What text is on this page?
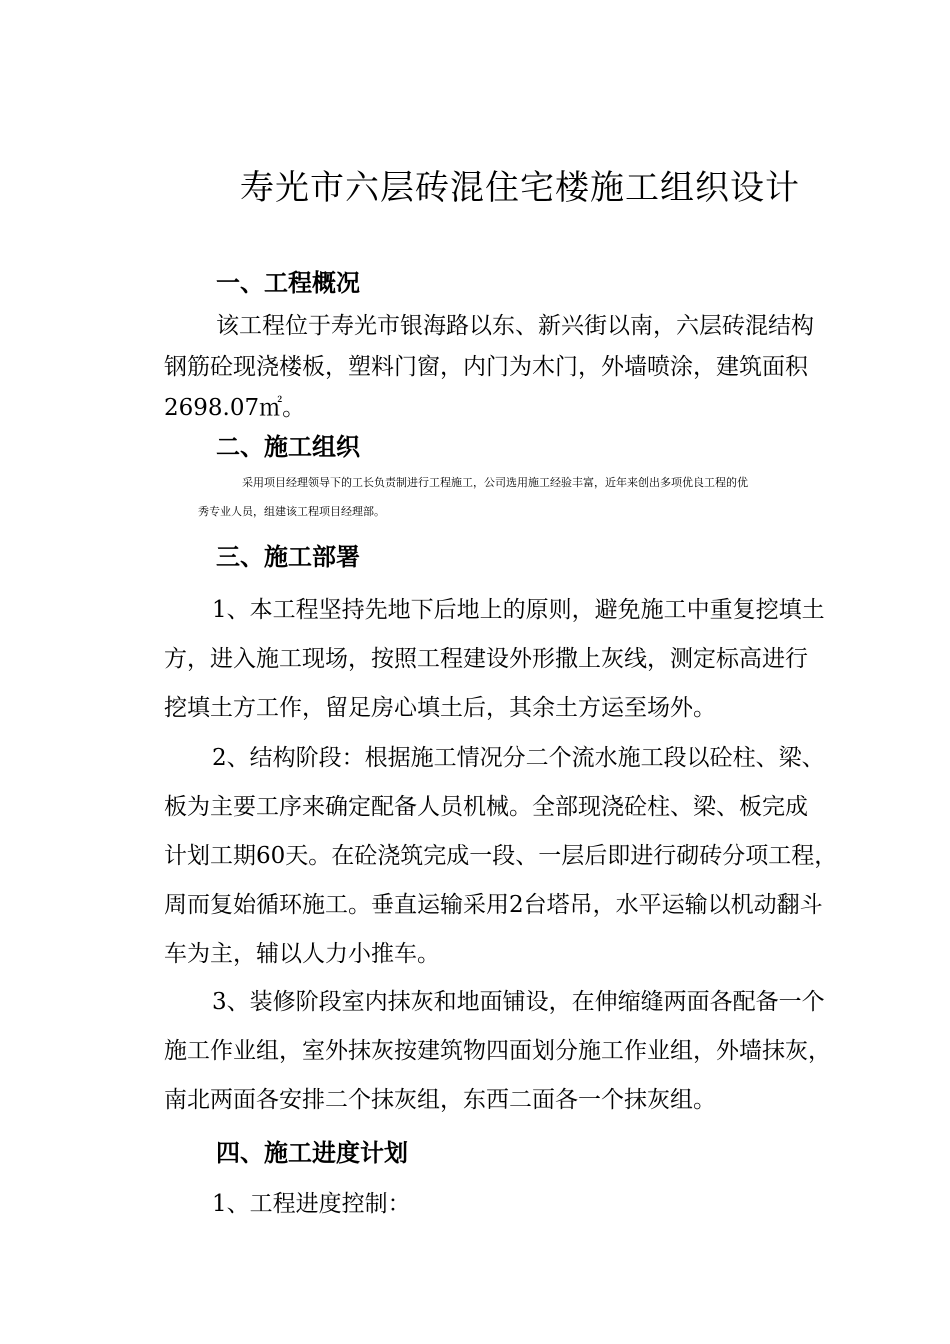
寿光市六层砖混住宅楼施工组织设计
一、工程概况
该工程位于寿光市银海路以东、新兴街以南，六层砖混结构
钢筋砼现浇楼板，塑料门窗，内门为木门，外墙喷涂，建筑面积
2698.07㎡。
二、施工组织
采用项目经理领导下的工长负责制进行工程施工，公司选用施工经验丰富，近年来创出多项优良工程的优
秀专业人员，组建该工程项目经理部。
三、施工部署
1、本工程坚持先地下后地上的原则，避免施工中重复挖填土
方，进入施工现场，按照工程建设外形撒上灰线，测定标高进行
挖填土方工作，留足房心填土后，其余土方运至场外。
2、结构阶段：根据施工情况分二个流水施工段以砼柱、梁、
板为主要工序来确定配备人员机械。全部现浇砼柱、梁、板完成
计划工期60天。在砼浇筑完成一段、一层后即进行砌砖分项工程，
周而复始循环施工。垂直运输采用2台塔吊，水平运输以机动翻斗
车为主，辅以人力小推车。
3、装修阶段室内抹灰和地面铺设，在伸缩缝两面各配备一个
施工作业组，室外抹灰按建筑物四面划分施工作业组，外墙抹灰，
南北两面各安排二个抹灰组，东西二面各一个抹灰组。
四、施工进度计划
1、工程进度控制：
